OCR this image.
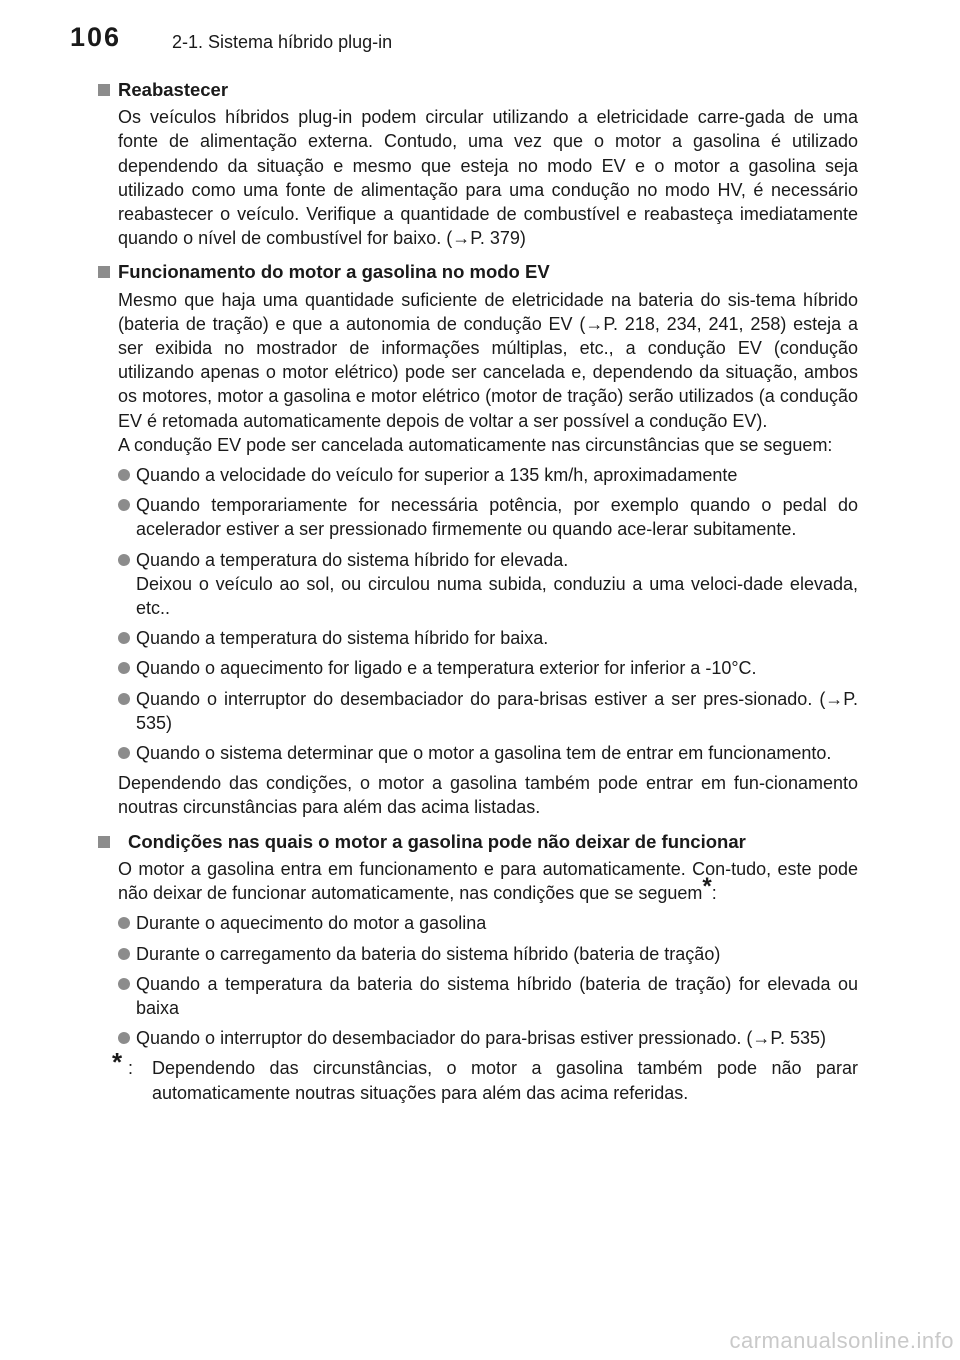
106	2-1. Sistema híbrido plug-in
Reabastecer
Os veículos híbridos plug-in podem circular utilizando a eletricidade carre-gada de uma fonte de alimentação externa. Contudo, uma vez que o motor a gasolina é utilizado dependendo da situação e mesmo que esteja no modo EV e o motor a gasolina seja utilizado como uma fonte de alimentação para uma condução no modo HV, é necessário reabastecer o veículo. Verifique a quantidade de combustível e reabasteça imediatamente quando o nível de combustível for baixo. (→P. 379)
Funcionamento do motor a gasolina no modo EV
Mesmo que haja uma quantidade suficiente de eletricidade na bateria do sis-tema híbrido (bateria de tração) e que a autonomia de condução EV (→P. 218, 234, 241, 258) esteja a ser exibida no mostrador de informações múltiplas, etc., a condução EV (condução utilizando apenas o motor elétrico) pode ser cancelada e, dependendo da situação, ambos os motores, motor a gasolina e motor elétrico (motor de tração) serão utilizados (a condução EV é retomada automaticamente depois de voltar a ser possível a condução EV).
A condução EV pode ser cancelada automaticamente nas circunstâncias que se seguem:
Quando a velocidade do veículo for superior a 135 km/h, aproximadamente
Quando temporariamente for necessária potência, por exemplo quando o pedal do acelerador estiver a ser pressionado firmemente ou quando ace-lerar subitamente.
Quando a temperatura do sistema híbrido for elevada.
Deixou o veículo ao sol, ou circulou numa subida, conduziu a uma veloci-dade elevada, etc..
Quando a temperatura do sistema híbrido for baixa.
Quando o aquecimento for ligado e a temperatura exterior for inferior a -10°C.
Quando o interruptor do desembaciador do para-brisas estiver a ser pres-sionado. (→P. 535)
Quando o sistema determinar que o motor a gasolina tem de entrar em funcionamento.
Dependendo das condições, o motor a gasolina também pode entrar em fun-cionamento noutras circunstâncias para além das acima listadas.
Condições nas quais o motor a gasolina pode não deixar de funcionar
O motor a gasolina entra em funcionamento e para automaticamente. Con-tudo, este pode não deixar de funcionar automaticamente, nas condições que se seguem*:
Durante o aquecimento do motor a gasolina
Durante o carregamento da bateria do sistema híbrido (bateria de tração)
Quando a temperatura da bateria do sistema híbrido (bateria de tração) for elevada ou baixa
Quando o interruptor do desembaciador do para-brisas estiver pressionado. (→P. 535)
* : Dependendo das circunstâncias, o motor a gasolina também pode não parar automaticamente noutras situações para além das acima referidas.
carmanualsonline.info
